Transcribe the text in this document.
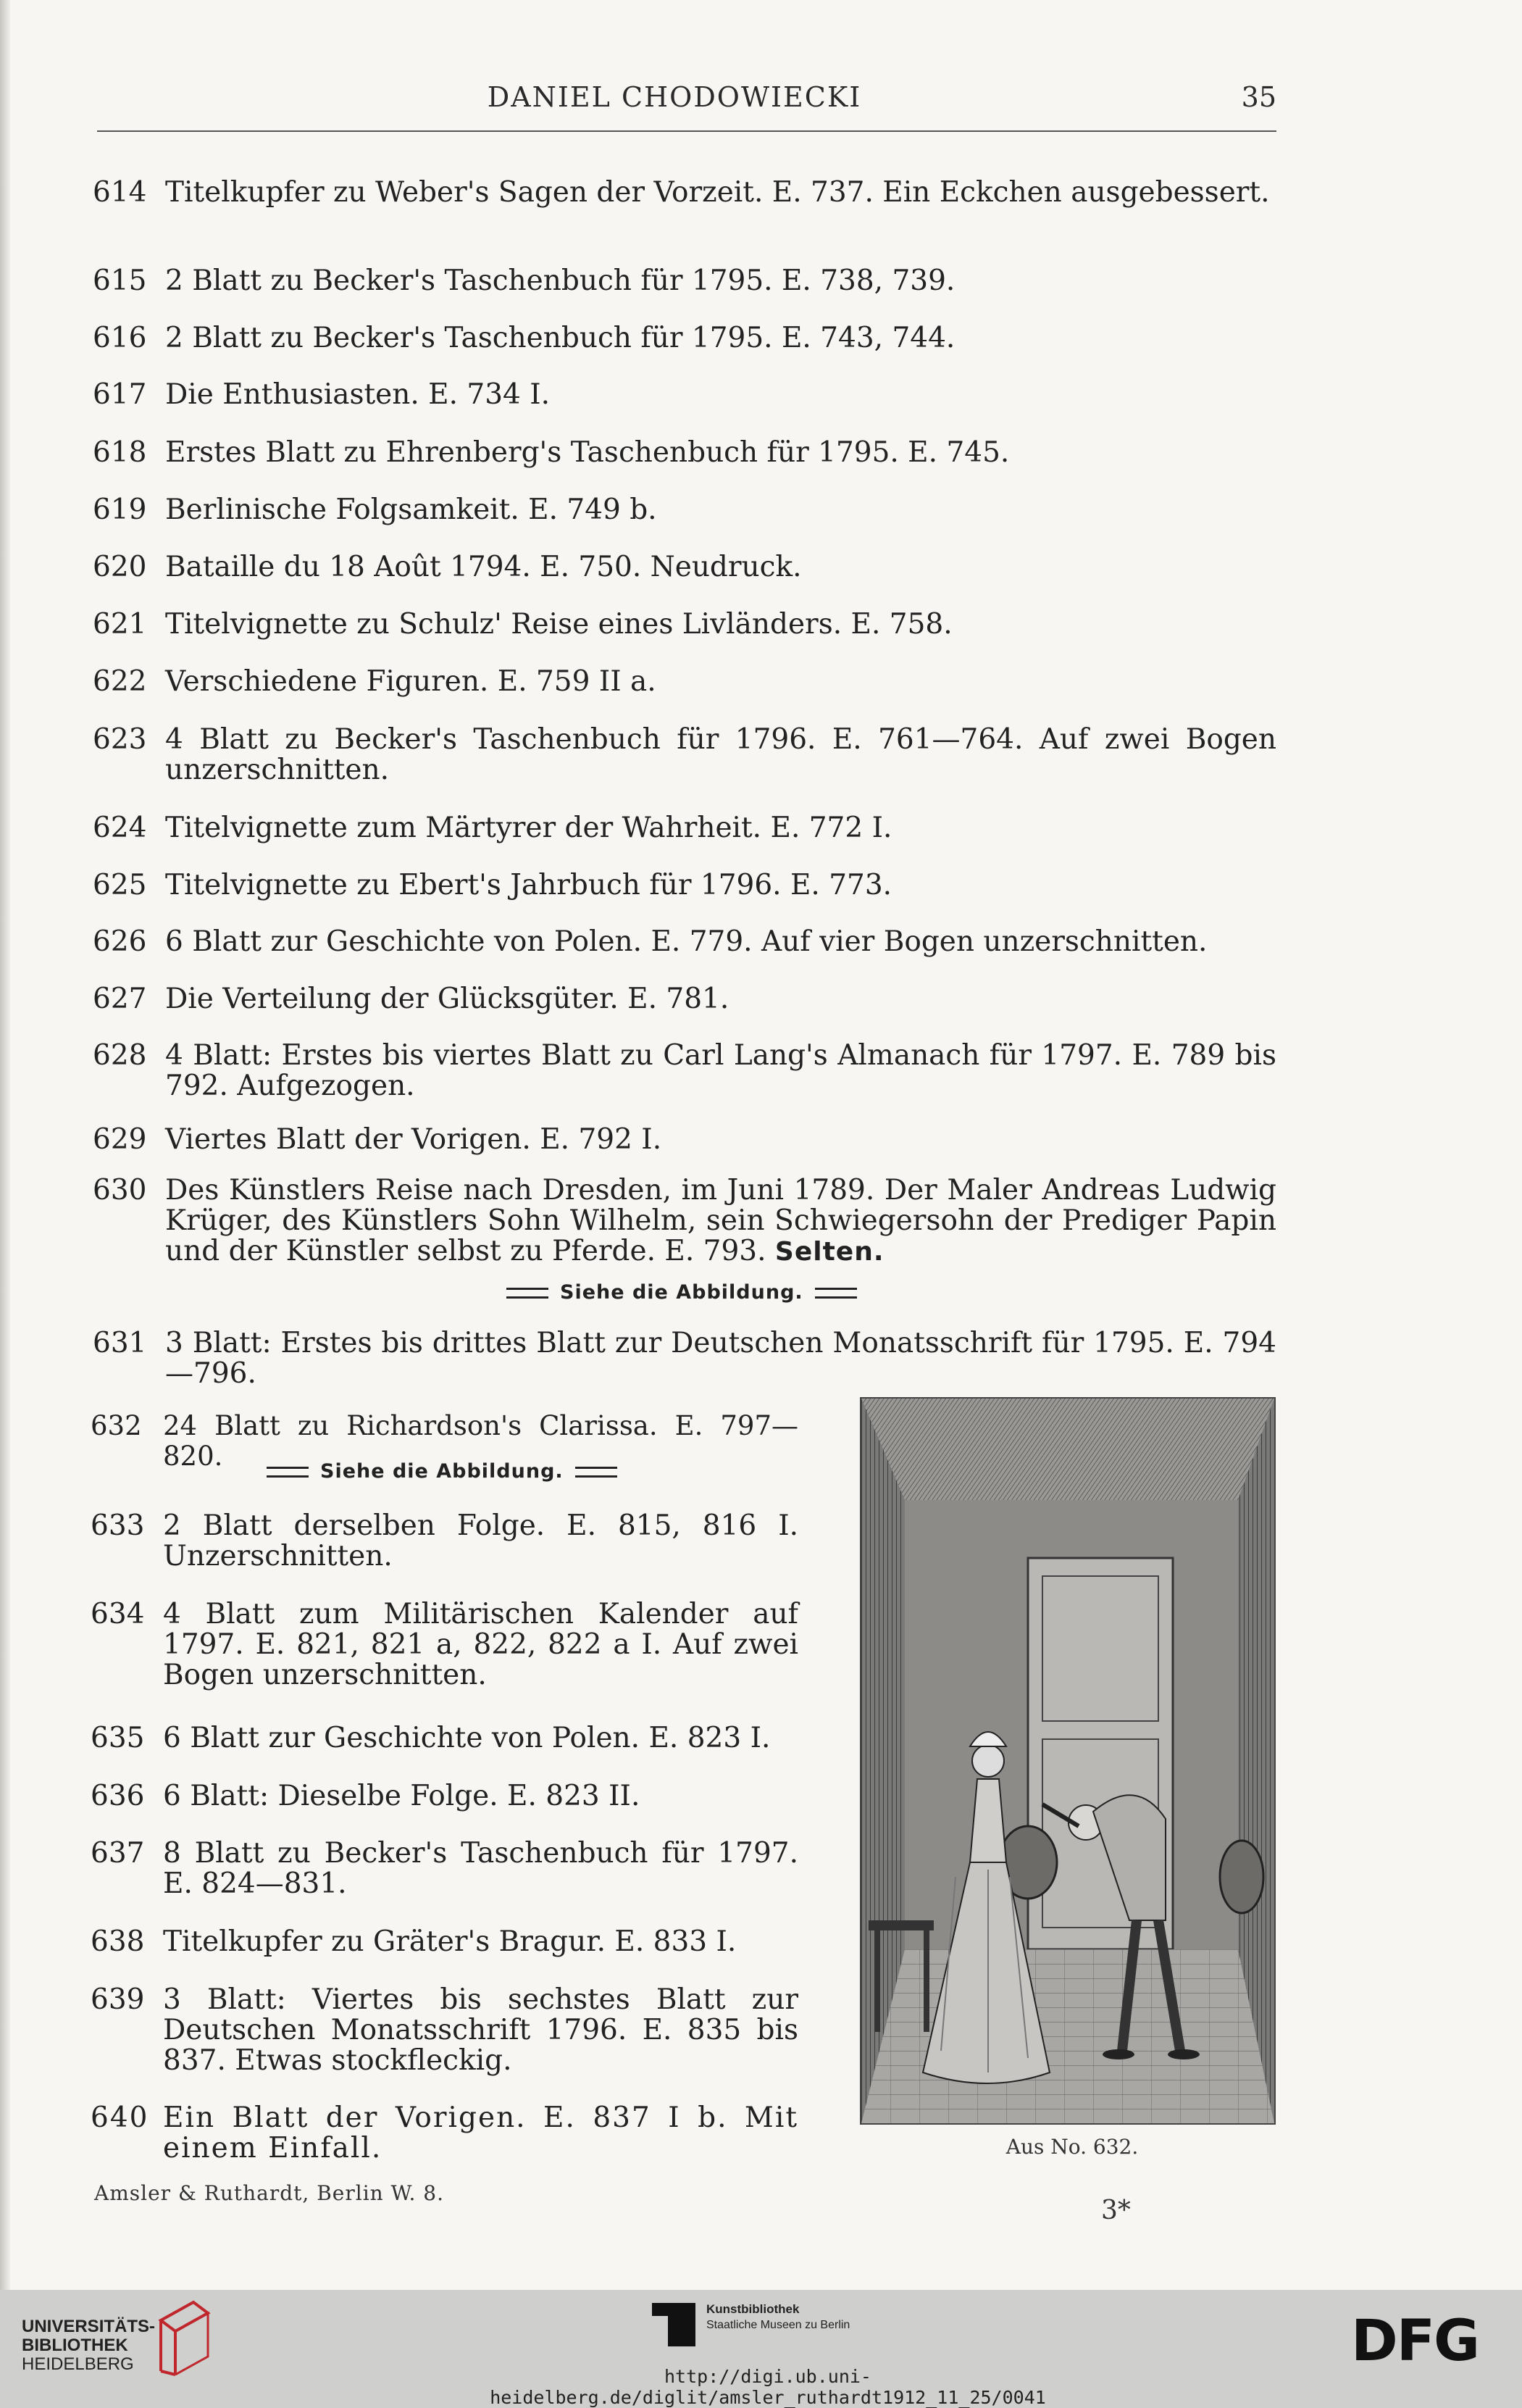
DANIEL CHODOWIECKI	35
614 Titelkupfer zu Weber's Sagen der Vorzeit. E. 737. Ein Eckchen ausgebessert.
615 2 Blatt zu Becker's Taschenbuch für 1795. E. 738, 739.
616 2 Blatt zu Becker's Taschenbuch für 1795. E. 743, 744.
617 Die Enthusiasten. E. 734 I.
618 Erstes Blatt zu Ehrenberg's Taschenbuch für 1795. E. 745.
619 Berlinische Folgsamkeit. E. 749 b.
620 Bataille du 18 Août 1794. E. 750. Neudruck.
621 Titelvignette zu Schulz' Reise eines Livländers. E. 758.
622 Verschiedene Figuren. E. 759 II a.
623 4 Blatt zu Becker's Taschenbuch für 1796. E. 761—764. Auf zwei Bogen unzerschnitten.
624 Titelvignette zum Märtyrer der Wahrheit. E. 772 I.
625 Titelvignette zu Ebert's Jahrbuch für 1796. E. 773.
626 6 Blatt zur Geschichte von Polen. E. 779. Auf vier Bogen unzerschnitten.
627 Die Verteilung der Glücksgüter. E. 781.
628 4 Blatt: Erstes bis viertes Blatt zu Carl Lang's Almanach für 1797. E. 789 bis 792. Aufgezogen.
629 Viertes Blatt der Vorigen. E. 792 I.
630 Des Künstlers Reise nach Dresden, im Juni 1789. Der Maler Andreas Ludwig Krüger, des Künstlers Sohn Wilhelm, sein Schwiegersohn der Prediger Papin und der Künstler selbst zu Pferde. E. 793. Selten.
Siehe die Abbildung.
631 3 Blatt: Erstes bis drittes Blatt zur Deutschen Monatsschrift für 1795. E. 794—796.
632 24 Blatt zu Richardson's Clarissa. E. 797—820.	Siehe die Abbildung.
633 2 Blatt derselben Folge. E. 815, 816 I. Unzerschnitten.
634 4 Blatt zum Militärischen Kalender auf 1797. E. 821, 821 a, 822, 822 a I. Auf zwei Bogen unzerschnitten.
635 6 Blatt zur Geschichte von Polen. E. 823 I.
636 6 Blatt: Dieselbe Folge. E. 823 II.
637 8 Blatt zu Becker's Taschenbuch für 1797. E. 824—831.
638 Titelkupfer zu Gräter's Bragur. E. 833 I.
639 3 Blatt: Viertes bis sechstes Blatt zur Deutschen Monatsschrift 1796. E. 835 bis 837. Etwas stockfleckig.
640 Ein Blatt der Vorigen. E. 837 I b. Mit einem Einfall.	Aus No. 632.
Amsler & Ruthardt, Berlin W. 8.
3*
UNIVERSITÄTS-
BIBLIOTHEK
HEIDELBERG
Kunstbibliothek
Staatliche Museen zu Berlin	DFG
http://digi.ub.uni-heidelberg.de/diglit/amsler_ruthardt1912_11_25/0041
